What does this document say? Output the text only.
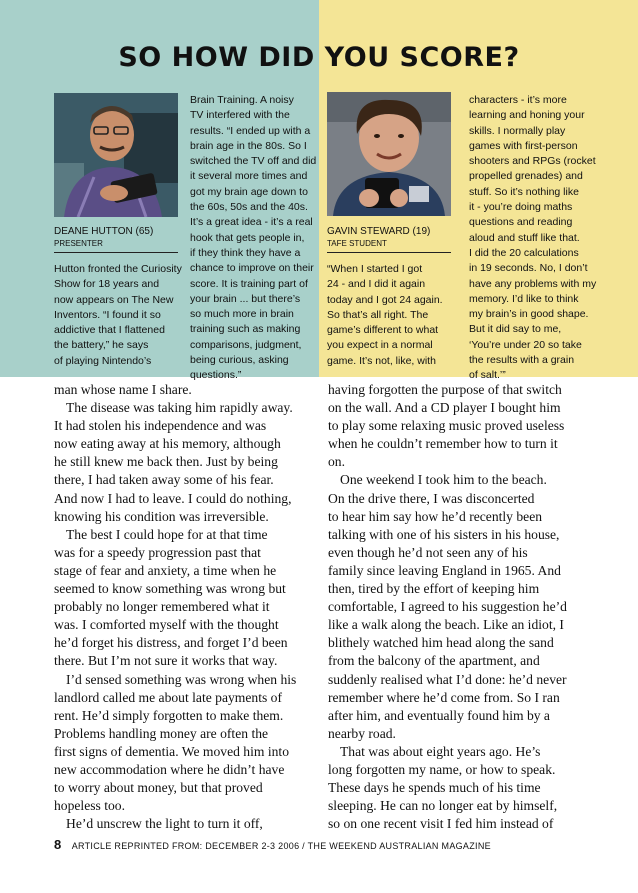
SO HOW DID YOU SCORE?
DEANE HUTTON (65)
PRESENTER
Hutton fronted the Curiosity
Show for 18 years and
now appears on The New
Inventors. “I found it so
addictive that I flattened
the battery,” he says
of playing Nintendo’s
Brain Training. A noisy
TV interfered with the
results. “I ended up with a
brain age in the 80s. So I
switched the TV off and did
it several more times and
got my brain age down to
the 60s, 50s and the 40s.
It’s a great idea - it’s a real
hook that gets people in,
if they think they have a
chance to improve on their
score. It is training part of
your brain ... but there’s
so much more in brain
training such as making
comparisons, judgment,
being curious, asking
questions.”
GAVIN STEWARD (19)
TAFE STUDENT
“When I started I got
24 - and I did it again
today and I got 24 again.
So that’s all right. The
game’s different to what
you expect in a normal
game. It’s not, like, with
characters - it’s more
learning and honing your
skills. I normally play
games with first-person
shooters and RPGs (rocket
propelled grenades) and
stuff. So it’s nothing like
it - you’re doing maths
questions and reading
aloud and stuff like that.
I did the 20 calculations
in 19 seconds. No, I don’t
have any problems with my
memory. I’d like to think
my brain’s in good shape.
But it did say to me,
‘You’re under 20 so take
the results with a grain
of salt.’”
man whose name I share.
The disease was taking him rapidly away.
It had stolen his independence and was
now eating away at his memory, although
he still knew me back then. Just by being
there, I had taken away some of his fear.
And now I had to leave. I could do nothing,
knowing his condition was irreversible.
The best I could hope for at that time
was for a speedy progression past that
stage of fear and anxiety, a time when he
seemed to know something was wrong but
probably no longer remembered what it
was. I comforted myself with the thought
he’d forget his distress, and forget I’d been
there. But I’m not sure it works that way.
I’d sensed something was wrong when his
landlord called me about late payments of
rent. He’d simply forgotten to make them.
Problems handling money are often the
first signs of dementia. We moved him into
new accommodation where he didn’t have
to worry about money, but that proved
hopeless too.
He’d unscrew the light to turn it off,
having forgotten the purpose of that switch
on the wall. And a CD player I bought him
to play some relaxing music proved useless
when he couldn’t remember how to turn it
on.
One weekend I took him to the beach.
On the drive there, I was disconcerted
to hear him say how he’d recently been
talking with one of his sisters in his house,
even though he’d not seen any of his
family since leaving England in 1965. And
then, tired by the effort of keeping him
comfortable, I agreed to his suggestion he’d
like a walk along the beach. Like an idiot, I
blithely watched him head along the sand
from the balcony of the apartment, and
suddenly realised what I’d done: he’d never
remember where he’d come from. So I ran
after him, and eventually found him by a
nearby road.
That was about eight years ago. He’s
long forgotten my name, or how to speak.
These days he spends much of his time
sleeping. He can no longer eat by himself,
so on one recent visit I fed him instead of
8 ARTICLE REPRINTED FROM: DECEMBER 2-3 2006 / THE WEEKEND AUSTRALIAN MAGAZINE
